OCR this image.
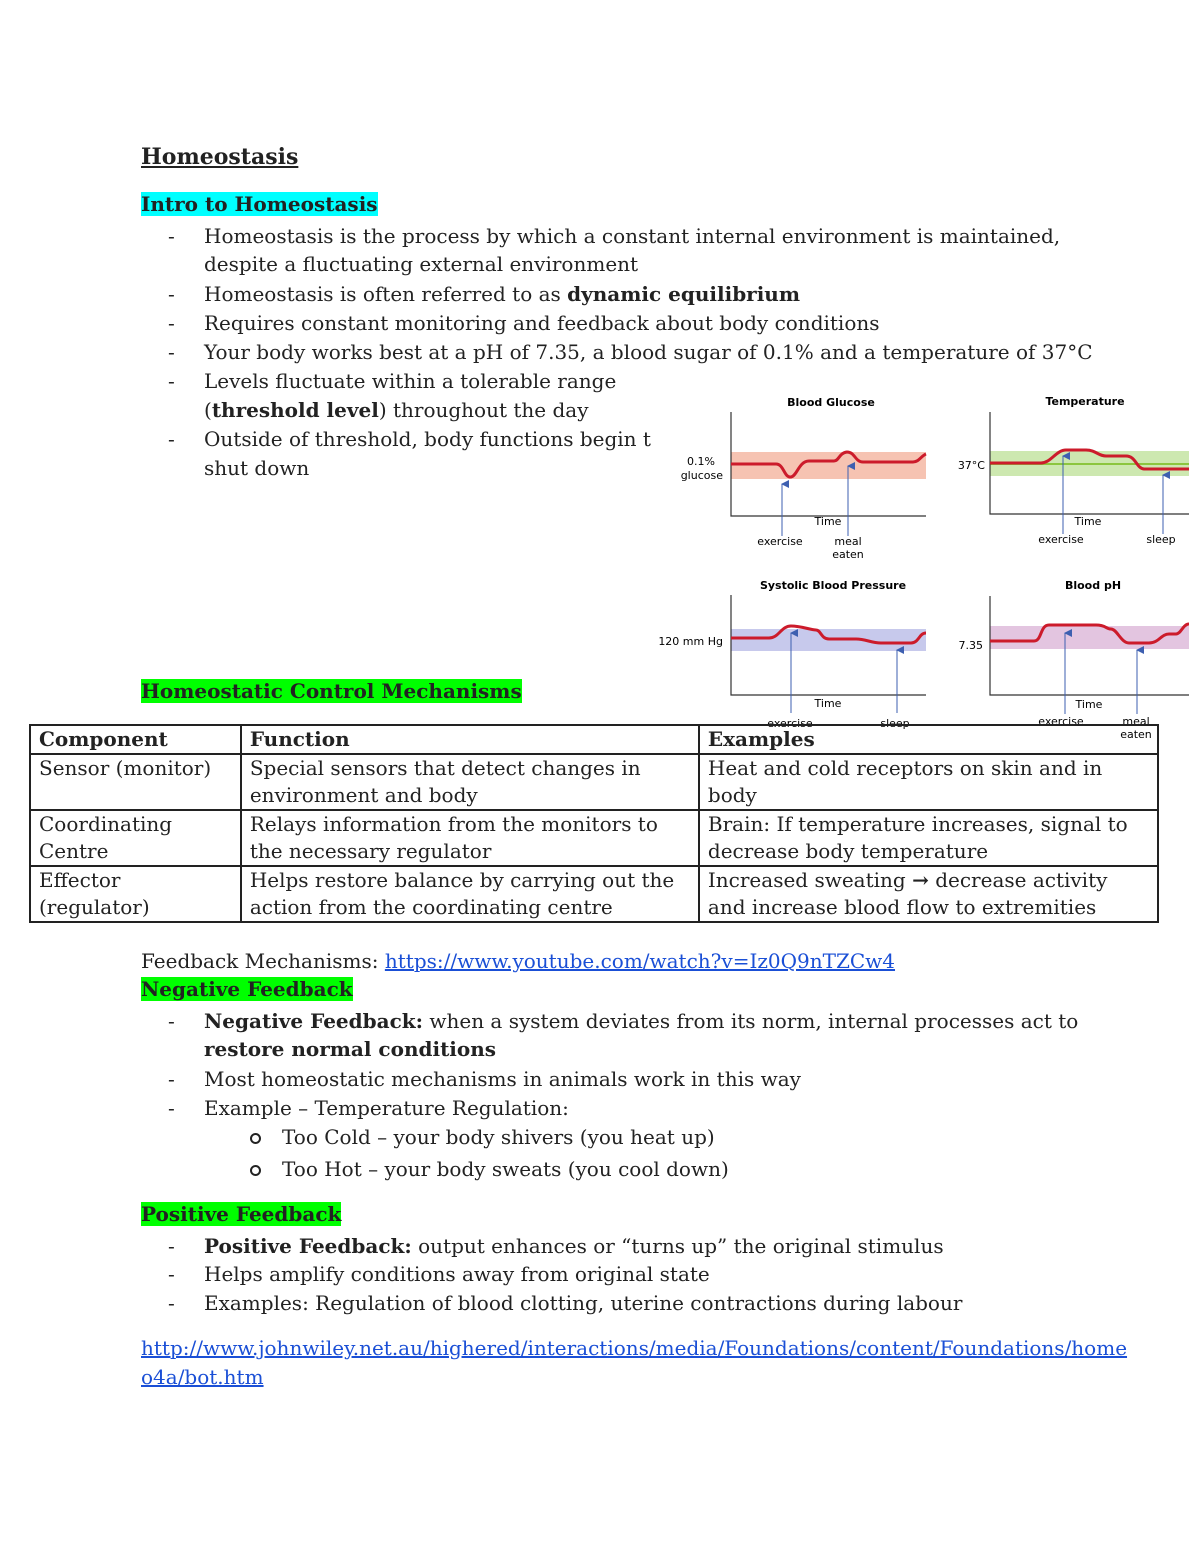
Homeostasis
Intro to Homeostasis
- Homeostasis is the process by which a constant internal environment is maintained,
despite a fluctuating external environment
- Homeostasis is often referred to as dynamic equilibrium
- Requires constant monitoring and feedback about body conditions
- Your body works best at a pH of 7.35, a blood sugar of 0.1% and a temperature of 37°C
- Levels fluctuate within a tolerable range
(threshold level) throughout the day
- Outside of threshold, body functions begin to
shut down
Blood Glucose
0.1%
glucose
Time
exercise	meal
eaten
Temperature
37°C
Time
exercise	sleep
Systolic Blood Pressure
120 mm Hg
Time
exercise	sleep
Blood pH
7.35
Time
exercise	meal
eaten
Homeostatic Control Mechanisms
Component	Function	Examples
Sensor (monitor)	Special sensors that detect changes in environment and body	Heat and cold receptors on skin and in body
Coordinating Centre	Relays information from the monitors to the necessary regulator	Brain: If temperature increases, signal to decrease body temperature
Effector (regulator)	Helps restore balance by carrying out the action from the coordinating centre	Increased sweating → decrease activity and increase blood flow to extremities
Feedback Mechanisms: https://www.youtube.com/watch?v=Iz0Q9nTZCw4
Negative Feedback
- Negative Feedback: when a system deviates from its norm, internal processes act to
restore normal conditions
- Most homeostatic mechanisms in animals work in this way
- Example – Temperature Regulation:
Too Cold – your body shivers (you heat up)
Too Hot – your body sweats (you cool down)
Positive Feedback
- Positive Feedback: output enhances or “turns up” the original stimulus
- Helps amplify conditions away from original state
- Examples: Regulation of blood clotting, uterine contractions during labour
http://www.johnwiley.net.au/highered/interactions/media/Foundations/content/Foundations/home
o4a/bot.htm
